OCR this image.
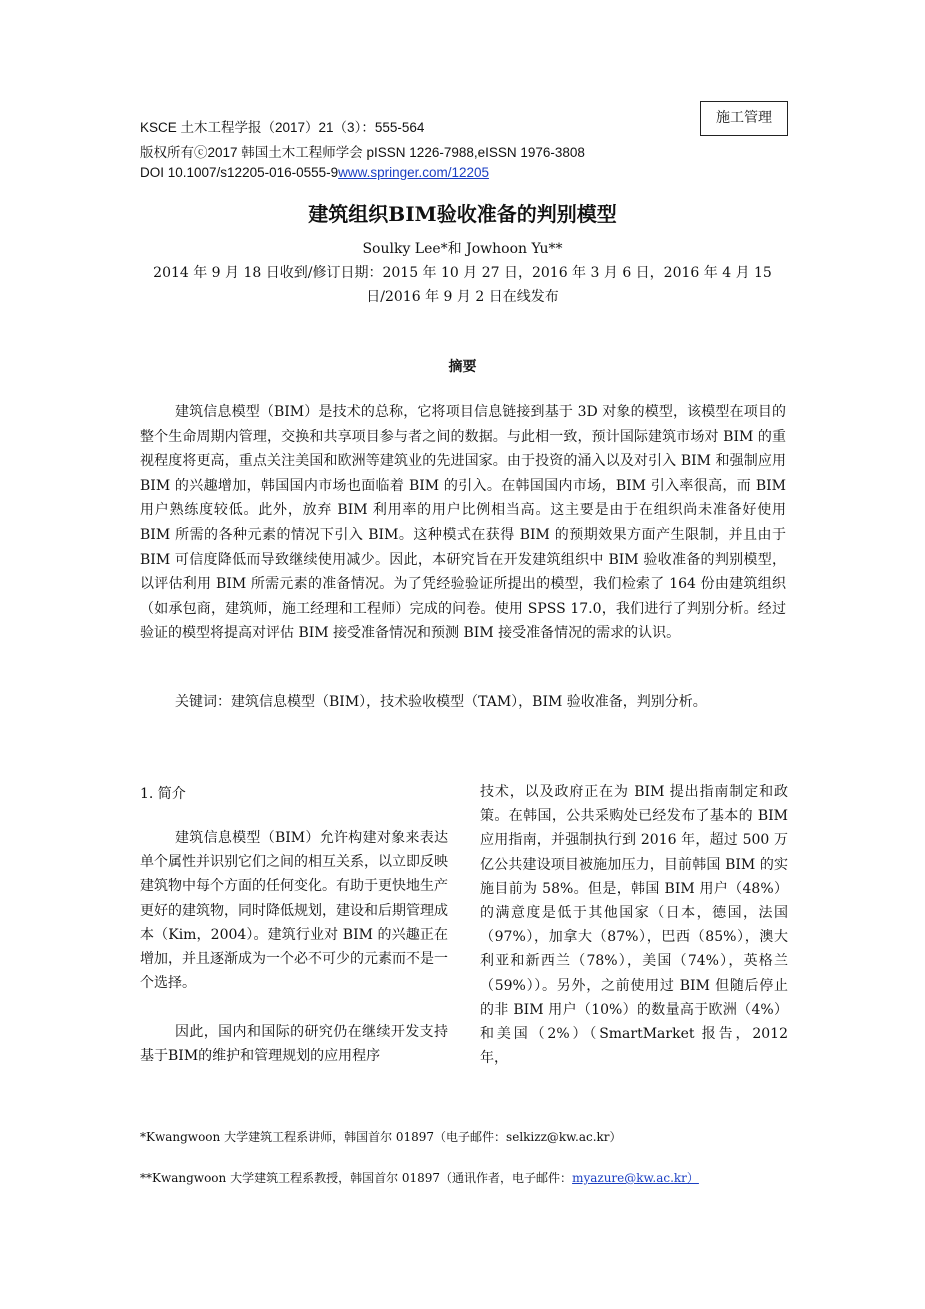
KSCE 土木工程学报（2017）21（3）：555-564
版权所有ⓒ2017 韩国土木工程师学会 pISSN 1226-7988,eISSN 1976-3808
DOI 10.1007/s12205-016-0555-9www.springer.com/12205
施工管理
建筑组织BIM验收准备的判别模型
Soulky Lee*和 Jowhoon Yu**
2014 年 9 月 18 日收到/修订日期：2015 年 10 月 27 日，2016 年 3 月 6 日，2016 年 4 月 15
日/2016 年 9 月 2 日在线发布
摘要
建筑信息模型（BIM）是技术的总称，它将项目信息链接到基于 3D 对象的模型，该模型在项目的整个生命周期内管理，交换和共享项目参与者之间的数据。与此相一致，预计国际建筑市场对 BIM 的重视程度将更高，重点关注美国和欧洲等建筑业的先进国家。由于投资的涌入以及对引入 BIM 和强制应用 BIM 的兴趣增加，韩国国内市场也面临着 BIM 的引入。在韩国国内市场，BIM 引入率很高，而 BIM 用户熟练度较低。此外，放弃 BIM 利用率的用户比例相当高。这主要是由于在组织尚未准备好使用 BIM 所需的各种元素的情况下引入 BIM。这种模式在获得 BIM 的预期效果方面产生限制，并且由于 BIM 可信度降低而导致继续使用减少。因此，本研究旨在开发建筑组织中 BIM 验收准备的判别模型，以评估利用 BIM 所需元素的准备情况。为了凭经验验证所提出的模型，我们检索了 164 份由建筑组织（如承包商，建筑师，施工经理和工程师）完成的问卷。使用 SPSS 17.0，我们进行了判别分析。经过验证的模型将提高对评估 BIM 接受准备情况和预测 BIM 接受准备情况的需求的认识。
关键词：建筑信息模型（BIM），技术验收模型（TAM），BIM 验收准备，判别分析。
1. 简介
建筑信息模型（BIM）允许构建对象来表达单个属性并识别它们之间的相互关系，以立即反映建筑物中每个方面的任何变化。有助于更快地生产更好的建筑物，同时降低规划，建设和后期管理成本（Kim，2004）。建筑行业对 BIM 的兴趣正在增加，并且逐渐成为一个必不可少的元素而不是一个选择。
因此，国内和国际的研究仍在继续开发支持基于BIM的维护和管理规划的应用程序
技术，以及政府正在为 BIM 提出指南制定和政策。在韩国，公共采购处已经发布了基本的 BIM 应用指南，并强制执行到 2016 年，超过 500 万亿公共建设项目被施加压力，目前韩国 BIM 的实施目前为 58%。但是，韩国 BIM 用户（48%）的满意度是低于其他国家（日本，德国，法国（97%），加拿大（87%），巴西（85%），澳大利亚和新西兰（78%），美国（74%），英格兰（59%））。另外，之前使用过 BIM 但随后停止的非 BIM 用户（10%）的数量高于欧洲（4%）和美国（2%）（SmartMarket 报告，2012 年，
*Kwangwoon 大学建筑工程系讲师，韩国首尔 01897（电子邮件：selkizz@kw.ac.kr）
**Kwangwoon 大学建筑工程系教授，韩国首尔 01897（通讯作者，电子邮件：myazure@kw.ac.kr）
